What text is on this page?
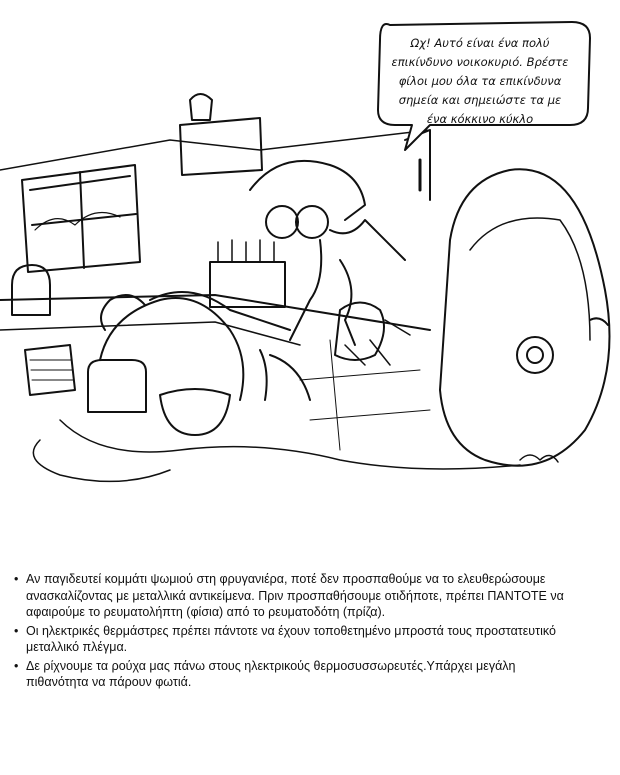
Ωχ! Αυτό είναι ένα πολύ
επικίνδυνο νοικοκυριό. Βρέστε
φίλοι μου όλα τα επικίνδυνα
σημεία και σημειώστε τα με
ένα κόκκινο κύκλο
• Αν παγιδευτεί κομμάτι ψωμιού στη φρυγανιέρα, ποτέ δεν προσπαθούμε να το ελευθερώσουμε
ανασκαλίζοντας με μεταλλικά αντικείμενα. Πριν προσπαθήσουμε οτιδήποτε, πρέπει ΠΑΝΤΟΤΕ να
αφαιρούμε το ρευματολήπτη (φίσια) από το ρευματοδότη (πρίζα).
• Οι ηλεκτρικές θερμάστρες πρέπει πάντοτε να έχουν τοποθετημένο μπροστά τους προστατευτικό
μεταλλικό πλέγμα.
• Δε ρίχνουμε τα ρούχα μας πάνω στους ηλεκτρικούς θερμοσυσσωρευτές.Υπάρχει μεγάλη
πιθανότητα να πάρουν φωτιά.
